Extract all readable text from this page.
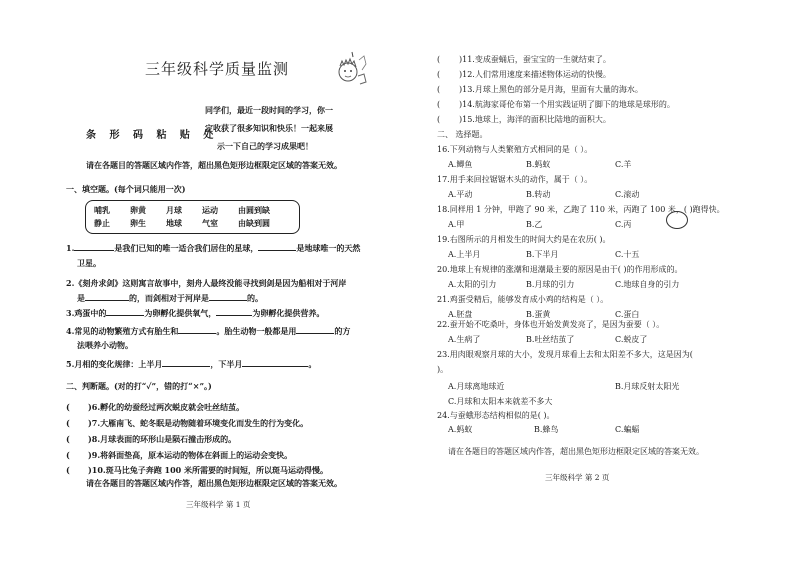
三年级科学质量监测
同学们，最近一段时间的学习，你一
定收获了很多知识和快乐！一起来展
示一下自己的学习成果吧！
条 形 码 粘 贴 处
请在各题目的答题区域内作答，超出黑色矩形边框限定区域的答案无效。
一、填空题。(每个词只能用一次)
哺乳	卵黄	月球	运动	由圆到缺
静止	卵生	地球	气室	由缺到圆
1.	是我们已知的唯一适合我们居住的星球，	是地球唯一的天然
卫星。
2.《刻舟求剑》这则寓言故事中，刻舟人最终没能寻找到剑是因为船相对于河岸
是	的，而剑相对于河岸是	的。
3.鸡蛋中的	为卵孵化提供氧气，	为卵孵化提供营养。
4.常见的动物繁殖方式有胎生和	。胎生动物一般都是用	的方
法喂养小动物。
5.月相的变化规律：上半月	，下半月	。
二、判断题。(对的打“✓”，错的打“×”。)
( )6.孵化的幼蚕经过两次蜕皮就会吐丝结茧。
( )7.大雁南飞、蛇冬眠是动物随着环境变化而发生的行为变化。
( )8.月球表面的环形山是陨石撞击形成的。
( )9.将斜面垫高，原本运动的物体在斜面上的运动会变快。
( )10.斑马比兔子奔跑 100 米所需要的时间短，所以斑马运动得慢。
请在各题目的答题区域内作答，超出黑色矩形边框限定区域的答案无效。
三年级科学 第 1 页
( )11.变成蚕蛹后，蚕宝宝的一生就结束了。
( )12.人们常用速度来描述物体运动的快慢。
( )13.月球上黑色的部分是月海，里面有大量的海水。
( )14.航海家哥伦布第一个用实践证明了脚下的地球是球形的。
( )15.地球上，海洋的面积比陆地的面积大。
二、 选择题。
16.下列动物与人类繁殖方式相同的是（ ）。
A.鲫鱼	B.蚂蚁	C.羊
17.用手来回拉锯锯木头的动作，属于（ ）。
A.平动	B.转动	C.滚动
18.同样用 1 分钟，甲跑了 90 米，乙跑了 110 米，丙跑了 100 米，( )跑得快。
A.甲	B.乙	C.丙
19.右图所示的月相发生的时间大约是在农历( )。
A.上半月	B.下半月	C.十五
20.地球上有规律的涨潮和退潮最主要的原因是由于( )的作用形成的。
A.太阳的引力	B.月球的引力	C.地球自身的引力
21.鸡蛋受精后，能够发育成小鸡的结构是（ ）。
A.胚盘	B.蛋黄	C.蛋白
22.蚕开始不吃桑叶，身体也开始发黄发亮了，是因为蚕要（ ）。
A.生病了	B.吐丝结茧了	C.蜕皮了
23.用肉眼观察月球的大小，发现月球看上去和太阳差不多大，这是因为(
)。
A.月球离地球近	B.月球反射太阳光
C.月球和太阳本来就差不多大
24.与蚕蛾形态结构相似的是( )。
A.蚂蚁	B.蜂鸟	C.蝙蝠
请在各题目的答题区域内作答，超出黑色矩形边框限定区域的答案无效。
三年级科学 第 2 页
